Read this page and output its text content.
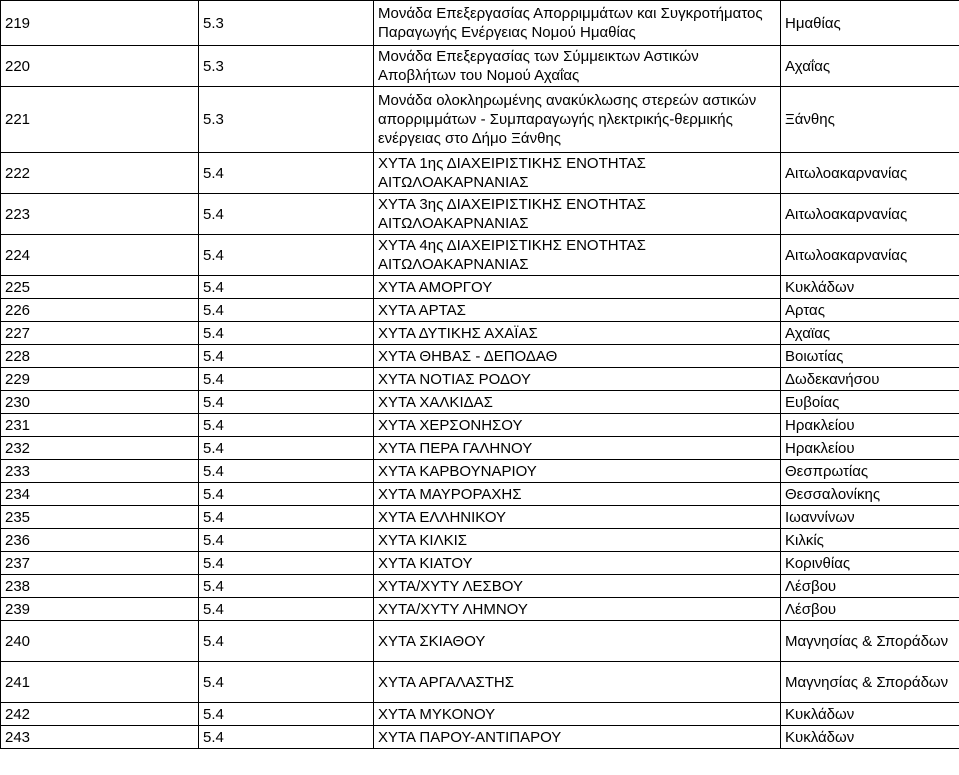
219	5.3	Μονάδα Επεξεργασίας Απορριμμάτων και Συγκροτήματος Παραγωγής Ενέργειας Νομού Ημαθίας	Ημαθίας
220	5.3	Μονάδα Επεξεργασίας των Σύμμεικτων Αστικών Αποβλήτων του Νομού Αχαΐας	Αχαΐας
221	5.3	Μονάδα ολοκληρωμένης ανακύκλωσης στερεών αστικών απορριμμάτων - Συμπαραγωγής ηλεκτρικής-θερμικής ενέργειας στο Δήμο Ξάνθης	Ξάνθης
222	5.4	ΧΥΤΑ 1ης ΔΙΑΧΕΙΡΙΣΤΙΚΗΣ ΕΝΟΤΗΤΑΣ ΑΙΤΩΛΟΑΚΑΡΝΑΝΙΑΣ	Αιτωλοακαρνανίας
223	5.4	ΧΥΤΑ 3ης ΔΙΑΧΕΙΡΙΣΤΙΚΗΣ ΕΝΟΤΗΤΑΣ ΑΙΤΩΛΟΑΚΑΡΝΑΝΙΑΣ	Αιτωλοακαρνανίας
224	5.4	ΧΥΤΑ 4ης ΔΙΑΧΕΙΡΙΣΤΙΚΗΣ ΕΝΟΤΗΤΑΣ ΑΙΤΩΛΟΑΚΑΡΝΑΝΙΑΣ	Αιτωλοακαρνανίας
225	5.4	ΧΥΤΑ ΑΜΟΡΓΟΥ	Κυκλάδων
226	5.4	ΧΥΤΑ ΑΡΤΑΣ	Αρτας
227	5.4	ΧΥΤΑ ΔΥΤΙΚΗΣ ΑΧΑΪΑΣ	Αχαϊας
228	5.4	ΧΥΤΑ ΘΗΒΑΣ - ΔΕΠΟΔΑΘ	Βοιωτίας
229	5.4	ΧΥΤΑ ΝΟΤΙΑΣ ΡΟΔΟΥ	Δωδεκανήσου
230	5.4	ΧΥΤΑ ΧΑΛΚΙΔΑΣ	Ευβοίας
231	5.4	ΧΥΤΑ ΧΕΡΣΟΝΗΣΟΥ	Ηρακλείου
232	5.4	ΧΥΤΑ ΠΕΡΑ ΓΑΛΗΝΟΥ	Ηρακλείου
233	5.4	ΧΥΤΑ ΚΑΡΒΟΥΝΑΡΙΟΥ	Θεσπρωτίας
234	5.4	ΧΥΤΑ ΜΑΥΡΟΡΑΧΗΣ	Θεσσαλονίκης
235	5.4	ΧΥΤΑ ΕΛΛΗΝΙΚΟΥ	Ιωαννίνων
236	5.4	ΧΥΤΑ ΚΙΛΚΙΣ	Κιλκίς
237	5.4	ΧΥΤΑ ΚΙΑΤΟΥ	Κορινθίας
238	5.4	ΧΥΤΑ/ΧΥΤΥ ΛΕΣΒΟΥ	Λέσβου
239	5.4	ΧΥΤΑ/ΧΥΤΥ ΛΗΜΝΟΥ	Λέσβου
240	5.4	ΧΥΤΑ ΣΚΙΑΘΟΥ	Μαγνησίας & Σποράδων
241	5.4	ΧΥΤΑ ΑΡΓΑΛΑΣΤΗΣ	Μαγνησίας & Σποράδων
242	5.4	ΧΥΤΑ ΜΥΚΟΝΟΥ	Κυκλάδων
243	5.4	ΧΥΤΑ ΠΑΡΟΥ-ΑΝΤΙΠΑΡΟΥ	Κυκλάδων
